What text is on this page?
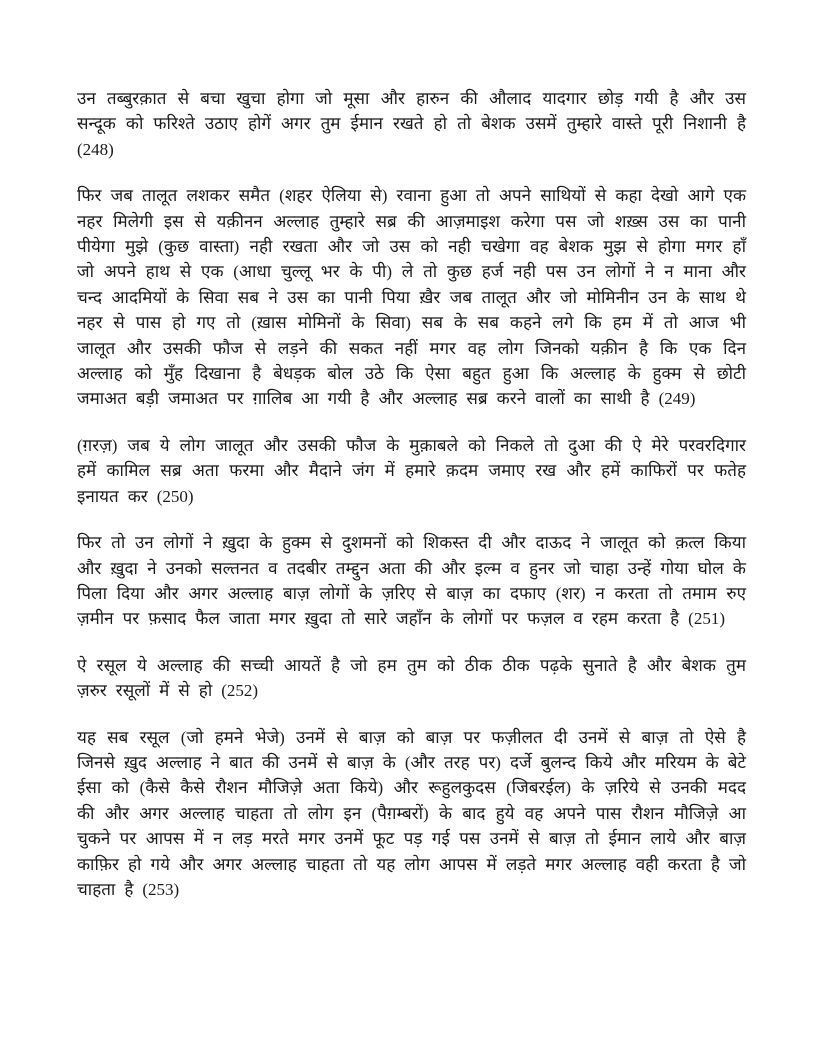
उन तब्बुरक़ात से बचा खुचा होगा जो मूसा और हारुन की औलाद यादगार छोड़ गयी है और उस सन्दूक को फरिश्ते उठाए होगें अगर तुम ईमान रखते हो तो बेशक उसमें तुम्हारे वास्ते पूरी निशानी है (248)

फिर जब तालूत लशकर समैत (शहर ऐलिया से) रवाना हुआ तो अपने साथियों से कहा देखो आगे एक नहर मिलेगी इस से यक़ीनन अल्लाह तुम्हारे सब्र की आज़माइश करेगा पस जो शख़्स उस का पानी पीयेगा मुझे (कुछ वास्ता) नही रखता और जो उस को नही चखेगा वह बेशक मुझ से होगा मगर हाँ जो अपने हाथ से एक (आधा चुल्लू भर के पी) ले तो कुछ हर्ज नही पस उन लोगों ने न माना और चन्द आदमियों के सिवा सब ने उस का पानी पिया ख़ैर जब तालूत और जो मोमिनीन उन के साथ थे नहर से पास हो गए तो (ख़ास मोमिनों के सिवा) सब के सब कहने लगे कि हम में तो आज भी जालूत और उसकी फौज से लड़ने की सकत नहीं मगर वह लोग जिनको यक़ीन है कि एक दिन अल्लाह को मुँह दिखाना है बेधड़क बोल उठे कि ऐसा बहुत हुआ कि अल्लाह के हुक्म से छोटी जमाअत बड़ी जमाअत पर ग़ालिब आ गयी है और अल्लाह सब्र करने वालों का साथी है (249)

(ग़रज़) जब ये लोग जालूत और उसकी फौज के मुक़ाबले को निकले तो दुआ की ऐ मेरे परवरदिगार हमें कामिल सब्र अता फरमा और मैदाने जंग में हमारे क़दम जमाए रख और हमें काफिरों पर फतेह इनायत कर (250)

फिर तो उन लोगों ने ख़ुदा के हुक्म से दुशमनों को शिकस्त दी और दाऊद ने जालूत को क़त्ल किया और ख़ुदा ने उनको सल्तनत व तदबीर तम्द्दुन अता की और इल्म व हुनर जो चाहा उन्हें गोया घोल के पिला दिया और अगर अल्लाह बाज़ लोगों के ज़रिए से बाज़ का दफाए (शर) न करता तो तमाम रुए ज़मीन पर फ़साद फैल जाता मगर ख़ुदा तो सारे जहाँन के लोगों पर फज़ल व रहम करता है (251)

ऐ रसूल ये अल्लाह की सच्ची आयतें है जो हम तुम को ठीक ठीक पढ़के सुनाते है और बेशक तुम ज़रुर रसूलों में से हो (252)

यह सब रसूल (जो हमने भेजे) उनमें से बाज़ को बाज़ पर फज़ीलत दी उनमें से बाज़ तो ऐसे है जिनसे ख़ुद अल्लाह ने बात की उनमें से बाज़ के (और तरह पर) दर्जे बुलन्द किये और मरियम के बेटे ईसा को (कैसे कैसे रौशन मौजिज़े अता किये) और रूहुलकुदस (जिबरईल) के ज़रिये से उनकी मदद की और अगर अल्लाह चाहता तो लोग इन (पैग़म्बरों) के बाद हुये वह अपने पास रौशन मौजिज़े आ चुकने पर आपस में न लड़ मरते मगर उनमें फूट पड़ गई पस उनमें से बाज़ तो ईमान लाये और बाज़ काफ़िर हो गये और अगर अल्लाह चाहता तो यह लोग आपस में लड़ते मगर अल्लाह वही करता है जो चाहता है (253)
